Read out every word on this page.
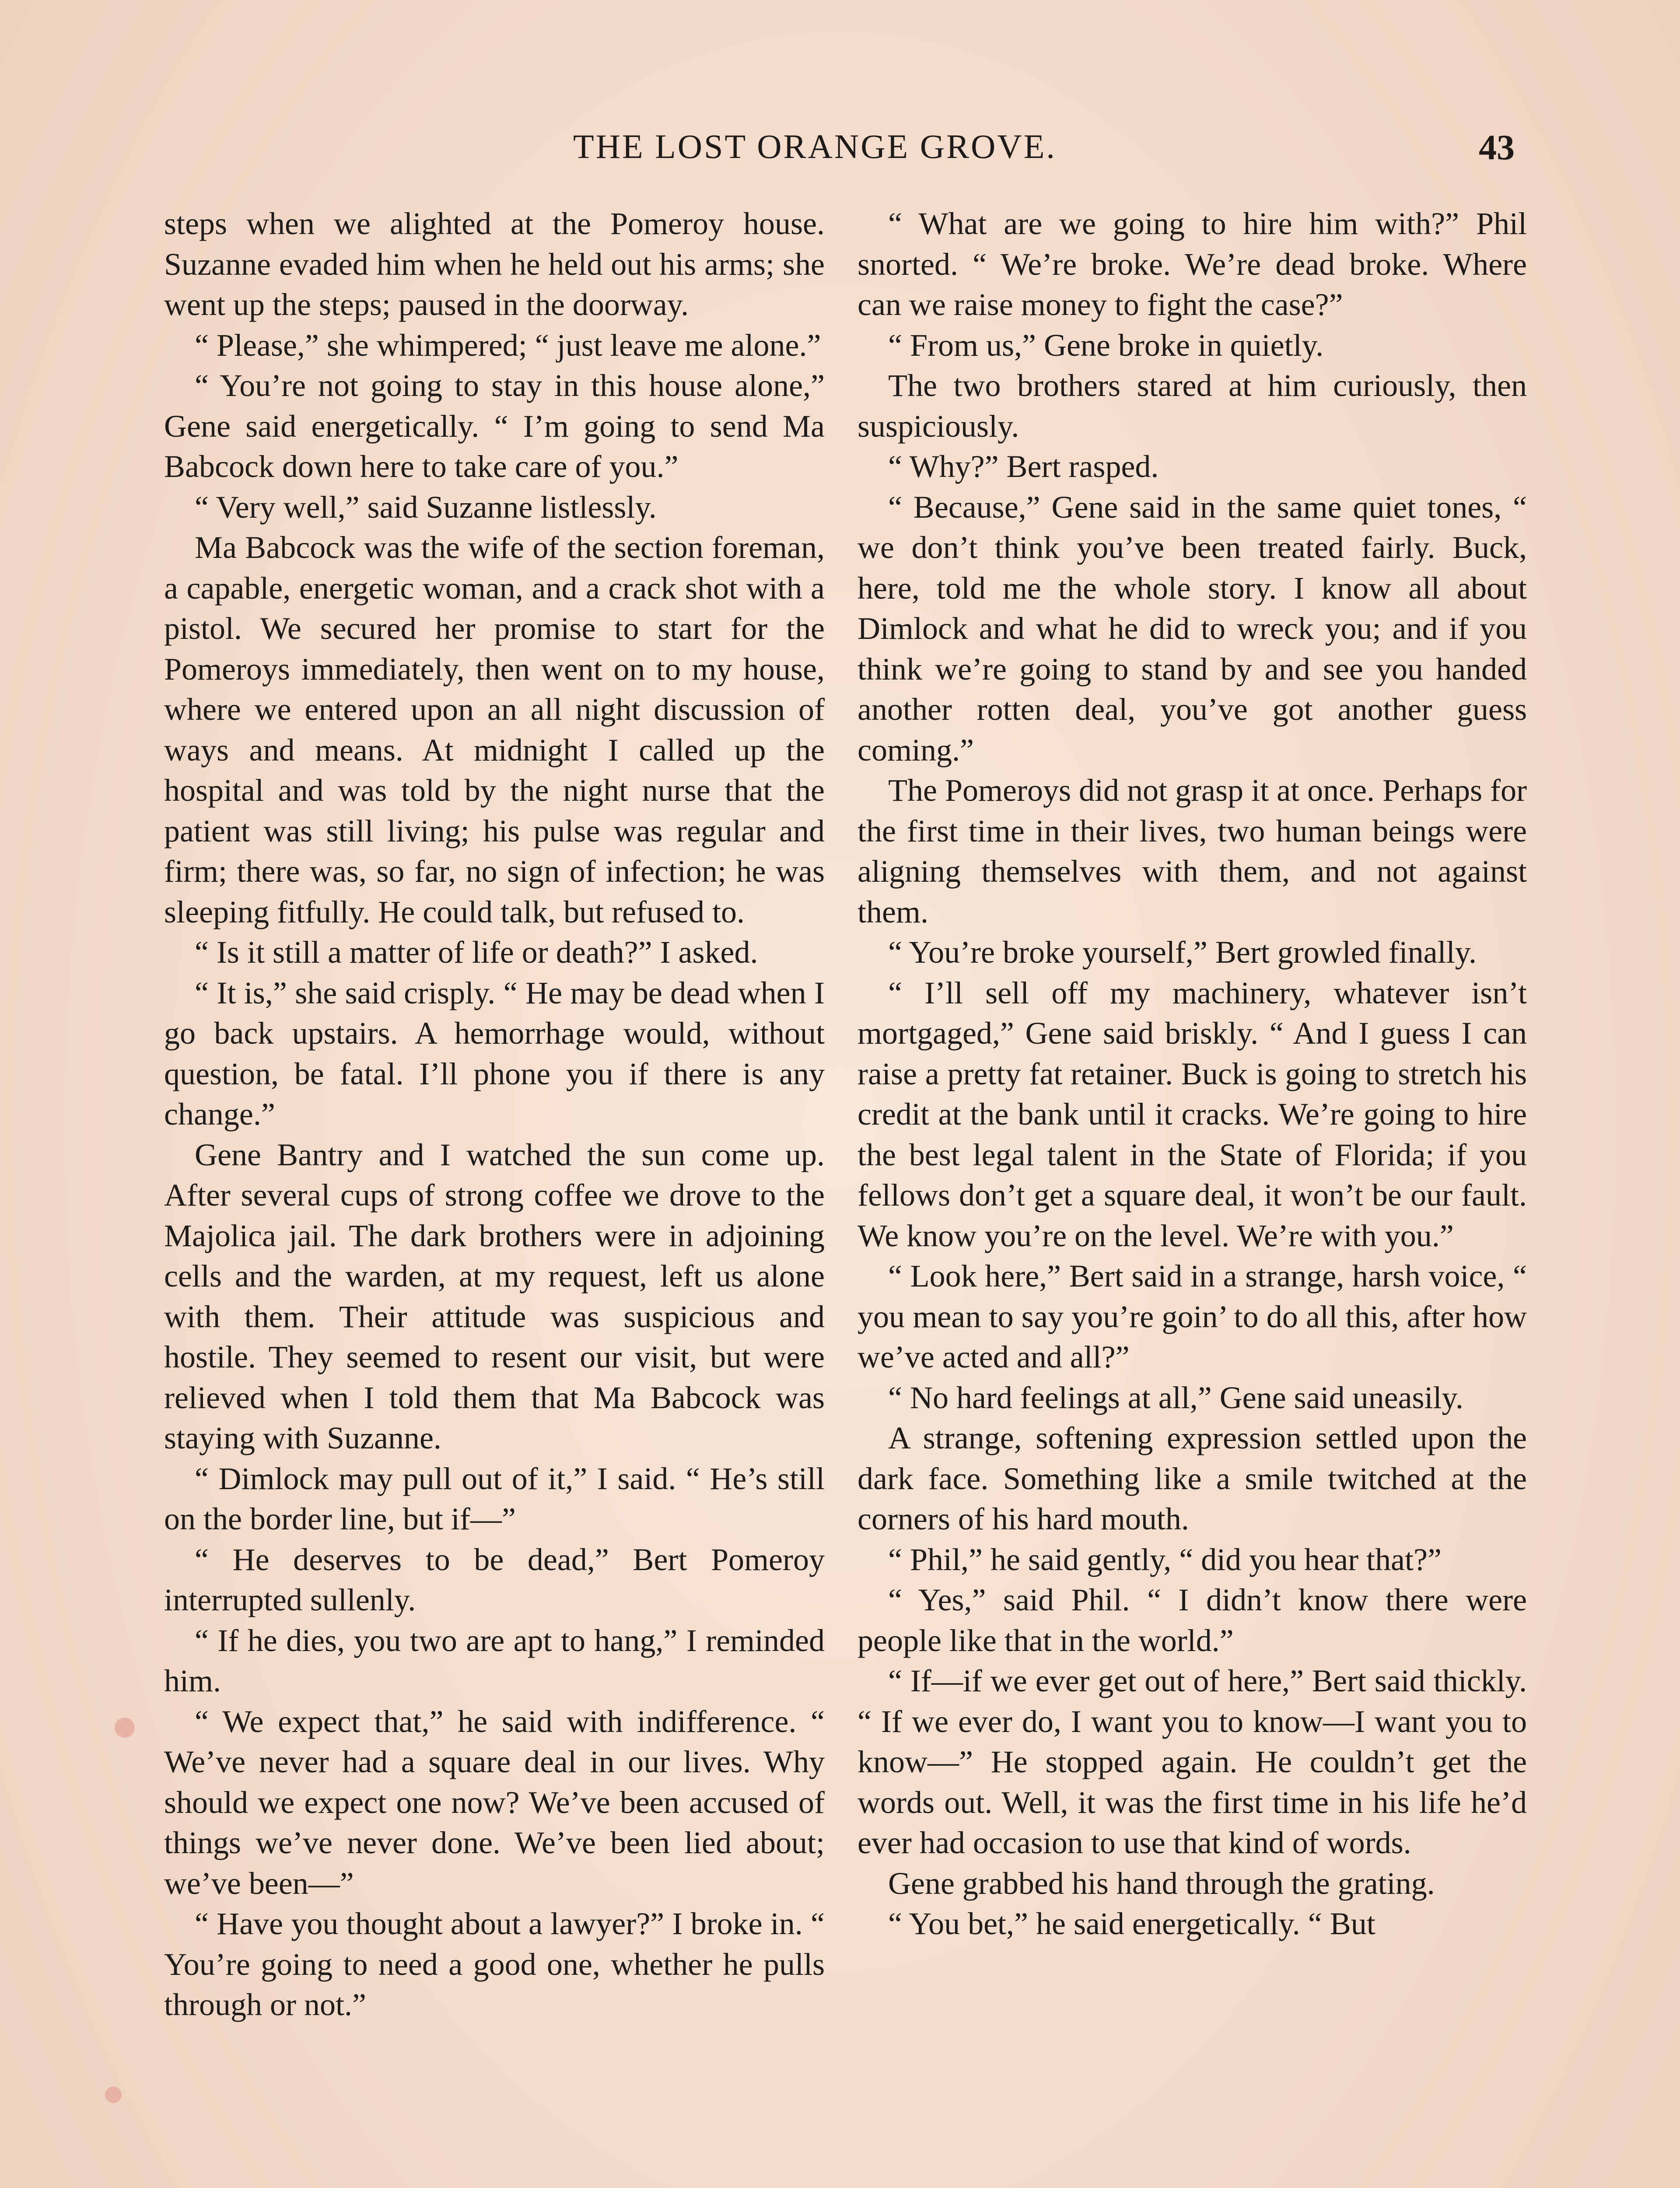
THE LOST ORANGE GROVE.	43

steps when we alighted at the Pomeroy house. Suzanne evaded him when he held out his arms; she went up the steps; paused in the doorway.

“ Please,” she whimpered; “ just leave me alone.”

“ You’re not going to stay in this house alone,” Gene said energetically. “ I’m going to send Ma Babcock down here to take care of you.”

“ Very well,” said Suzanne listlessly.

Ma Babcock was the wife of the section foreman, a capable, energetic woman, and a crack shot with a pistol. We secured her promise to start for the Pomeroys immediately, then went on to my house, where we entered upon an all night discussion of ways and means. At midnight I called up the hospital and was told by the night nurse that the patient was still living; his pulse was regular and firm; there was, so far, no sign of infection; he was sleeping fitfully. He could talk, but refused to.

“ Is it still a matter of life or death?” I asked.

“ It is,” she said crisply. “ He may be dead when I go back upstairs. A hemorrhage would, without question, be fatal. I’ll phone you if there is any change.”

Gene Bantry and I watched the sun come up. After several cups of strong coffee we drove to the Majolica jail. The dark brothers were in adjoining cells and the warden, at my request, left us alone with them. Their attitude was suspicious and hostile. They seemed to resent our visit, but were relieved when I told them that Ma Babcock was staying with Suzanne.

“ Dimlock may pull out of it,” I said. “ He’s still on the border line, but if—”

“ He deserves to be dead,” Bert Pomeroy interrupted sullenly.

“ If he dies, you two are apt to hang,” I reminded him.

“ We expect that,” he said with indifference. “ We’ve never had a square deal in our lives. Why should we expect one now? We’ve been accused of things we’ve never done. We’ve been lied about; we’ve been—”

“ Have you thought about a lawyer?” I broke in. “ You’re going to need a good one, whether he pulls through or not.”

“ What are we going to hire him with?” Phil snorted. “ We’re broke. We’re dead broke. Where can we raise money to fight the case?”

“ From us,” Gene broke in quietly.

The two brothers stared at him curiously, then suspiciously.

“ Why?” Bert rasped.

“ Because,” Gene said in the same quiet tones, “ we don’t think you’ve been treated fairly. Buck, here, told me the whole story. I know all about Dimlock and what he did to wreck you; and if you think we’re going to stand by and see you handed another rotten deal, you’ve got another guess coming.”

The Pomeroys did not grasp it at once. Perhaps for the first time in their lives, two human beings were aligning themselves with them, and not against them.

“ You’re broke yourself,” Bert growled finally.

“ I’ll sell off my machinery, whatever isn’t mortgaged,” Gene said briskly. “ And I guess I can raise a pretty fat retainer. Buck is going to stretch his credit at the bank until it cracks. We’re going to hire the best legal talent in the State of Florida; if you fellows don’t get a square deal, it won’t be our fault. We know you’re on the level. We’re with you.”

“ Look here,” Bert said in a strange, harsh voice, “ you mean to say you’re goin’ to do all this, after how we’ve acted and all?”

“ No hard feelings at all,” Gene said uneasily.

A strange, softening expression settled upon the dark face. Something like a smile twitched at the corners of his hard mouth.

“ Phil,” he said gently, “ did you hear that?”

“ Yes,” said Phil. “ I didn’t know there were people like that in the world.”

“ If—if we ever get out of here,” Bert said thickly. “ If we ever do, I want you to know—I want you to know—” He stopped again. He couldn’t get the words out. Well, it was the first time in his life he’d ever had occasion to use that kind of words.

Gene grabbed his hand through the grating.

“ You bet,” he said energetically. “ But
